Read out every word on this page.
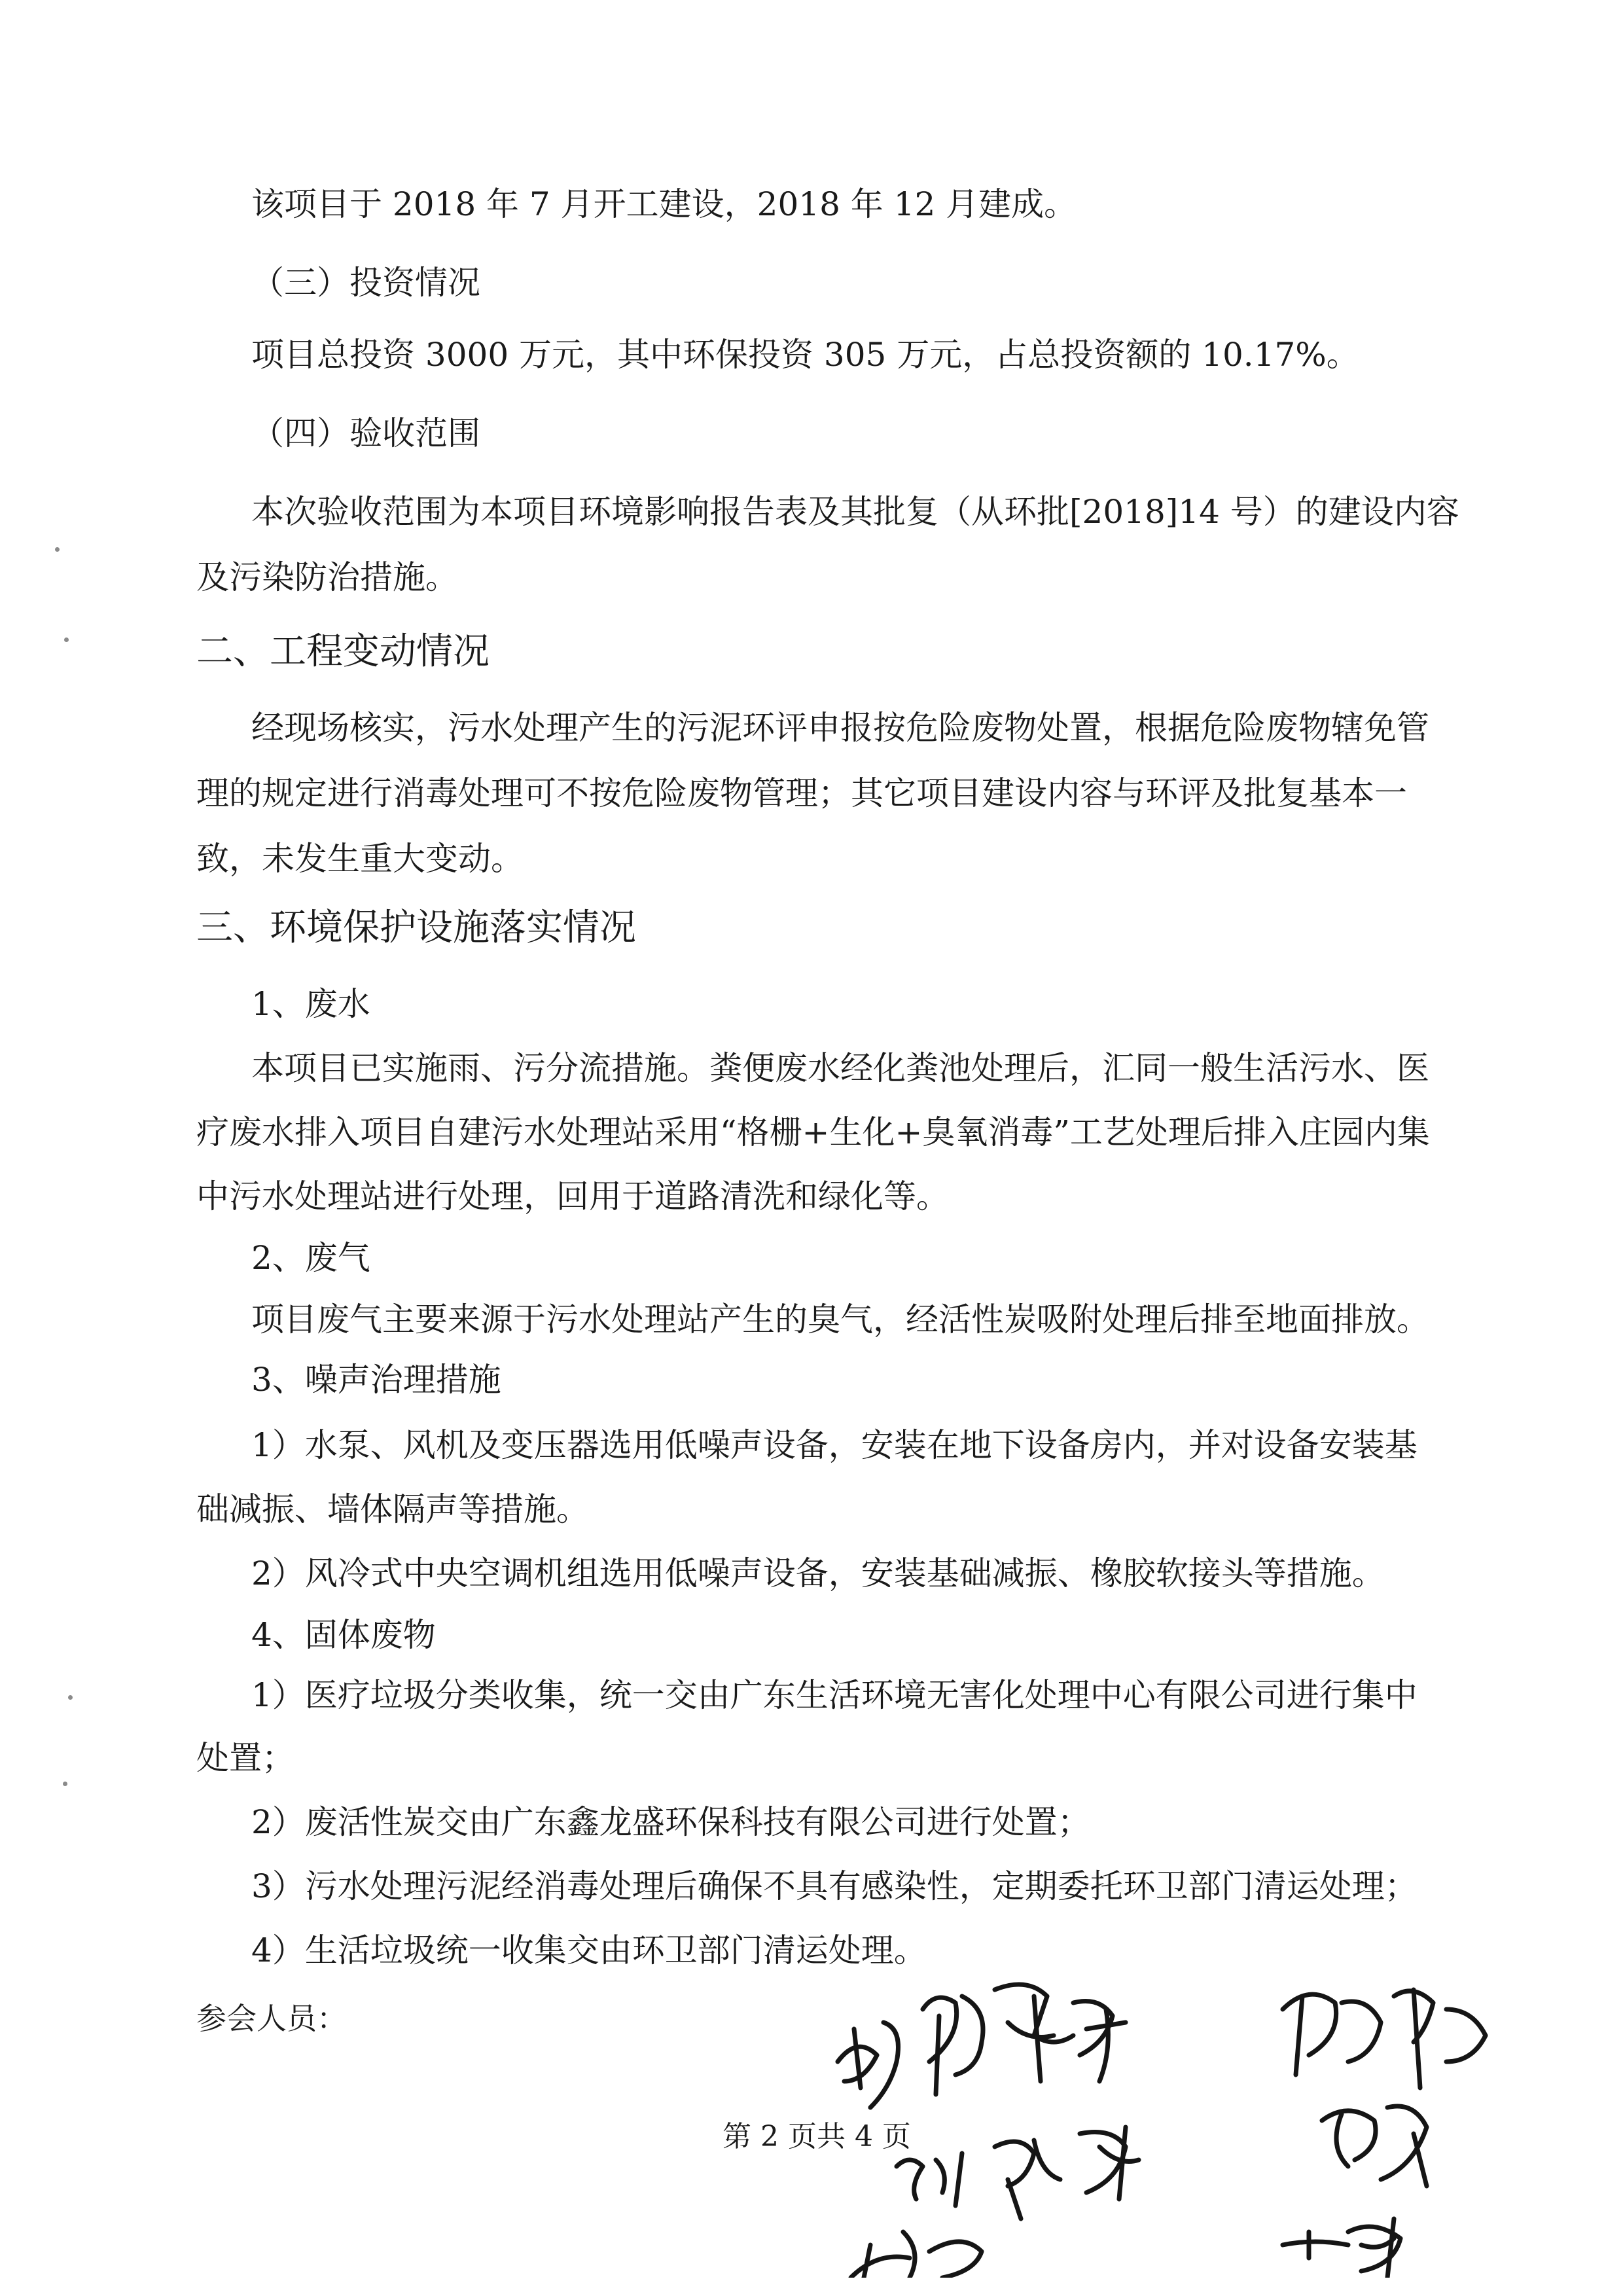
该项目于 2018 年 7 月开工建设，2018 年 12 月建成。

（三）投资情况

项目总投资 3000 万元，其中环保投资 305 万元，占总投资额的 10.17%。

（四）验收范围

本次验收范围为本项目环境影响报告表及其批复（从环批[2018]14 号）的建设内容

及污染防治措施。

二、工程变动情况

经现场核实，污水处理产生的污泥环评申报按危险废物处置，根据危险废物辖免管

理的规定进行消毒处理可不按危险废物管理；其它项目建设内容与环评及批复基本一

致，未发生重大变动。

三、环境保护设施落实情况

1、废水

本项目已实施雨、污分流措施。粪便废水经化粪池处理后，汇同一般生活污水、医

疗废水排入项目自建污水处理站采用“格栅+生化+臭氧消毒”工艺处理后排入庄园内集

中污水处理站进行处理，回用于道路清洗和绿化等。

2、废气

项目废气主要来源于污水处理站产生的臭气，经活性炭吸附处理后排至地面排放。

3、噪声治理措施

1）水泵、风机及变压器选用低噪声设备，安装在地下设备房内，并对设备安装基

础减振、墙体隔声等措施。

2）风冷式中央空调机组选用低噪声设备，安装基础减振、橡胶软接头等措施。

4、固体废物

1）医疗垃圾分类收集，统一交由广东生活环境无害化处理中心有限公司进行集中

处置；

2）废活性炭交由广东鑫龙盛环保科技有限公司进行处置；

3）污水处理污泥经消毒处理后确保不具有感染性，定期委托环卫部门清运处理；

4）生活垃圾统一收集交由环卫部门清运处理。

参会人员：
第 2 页共 4 页
